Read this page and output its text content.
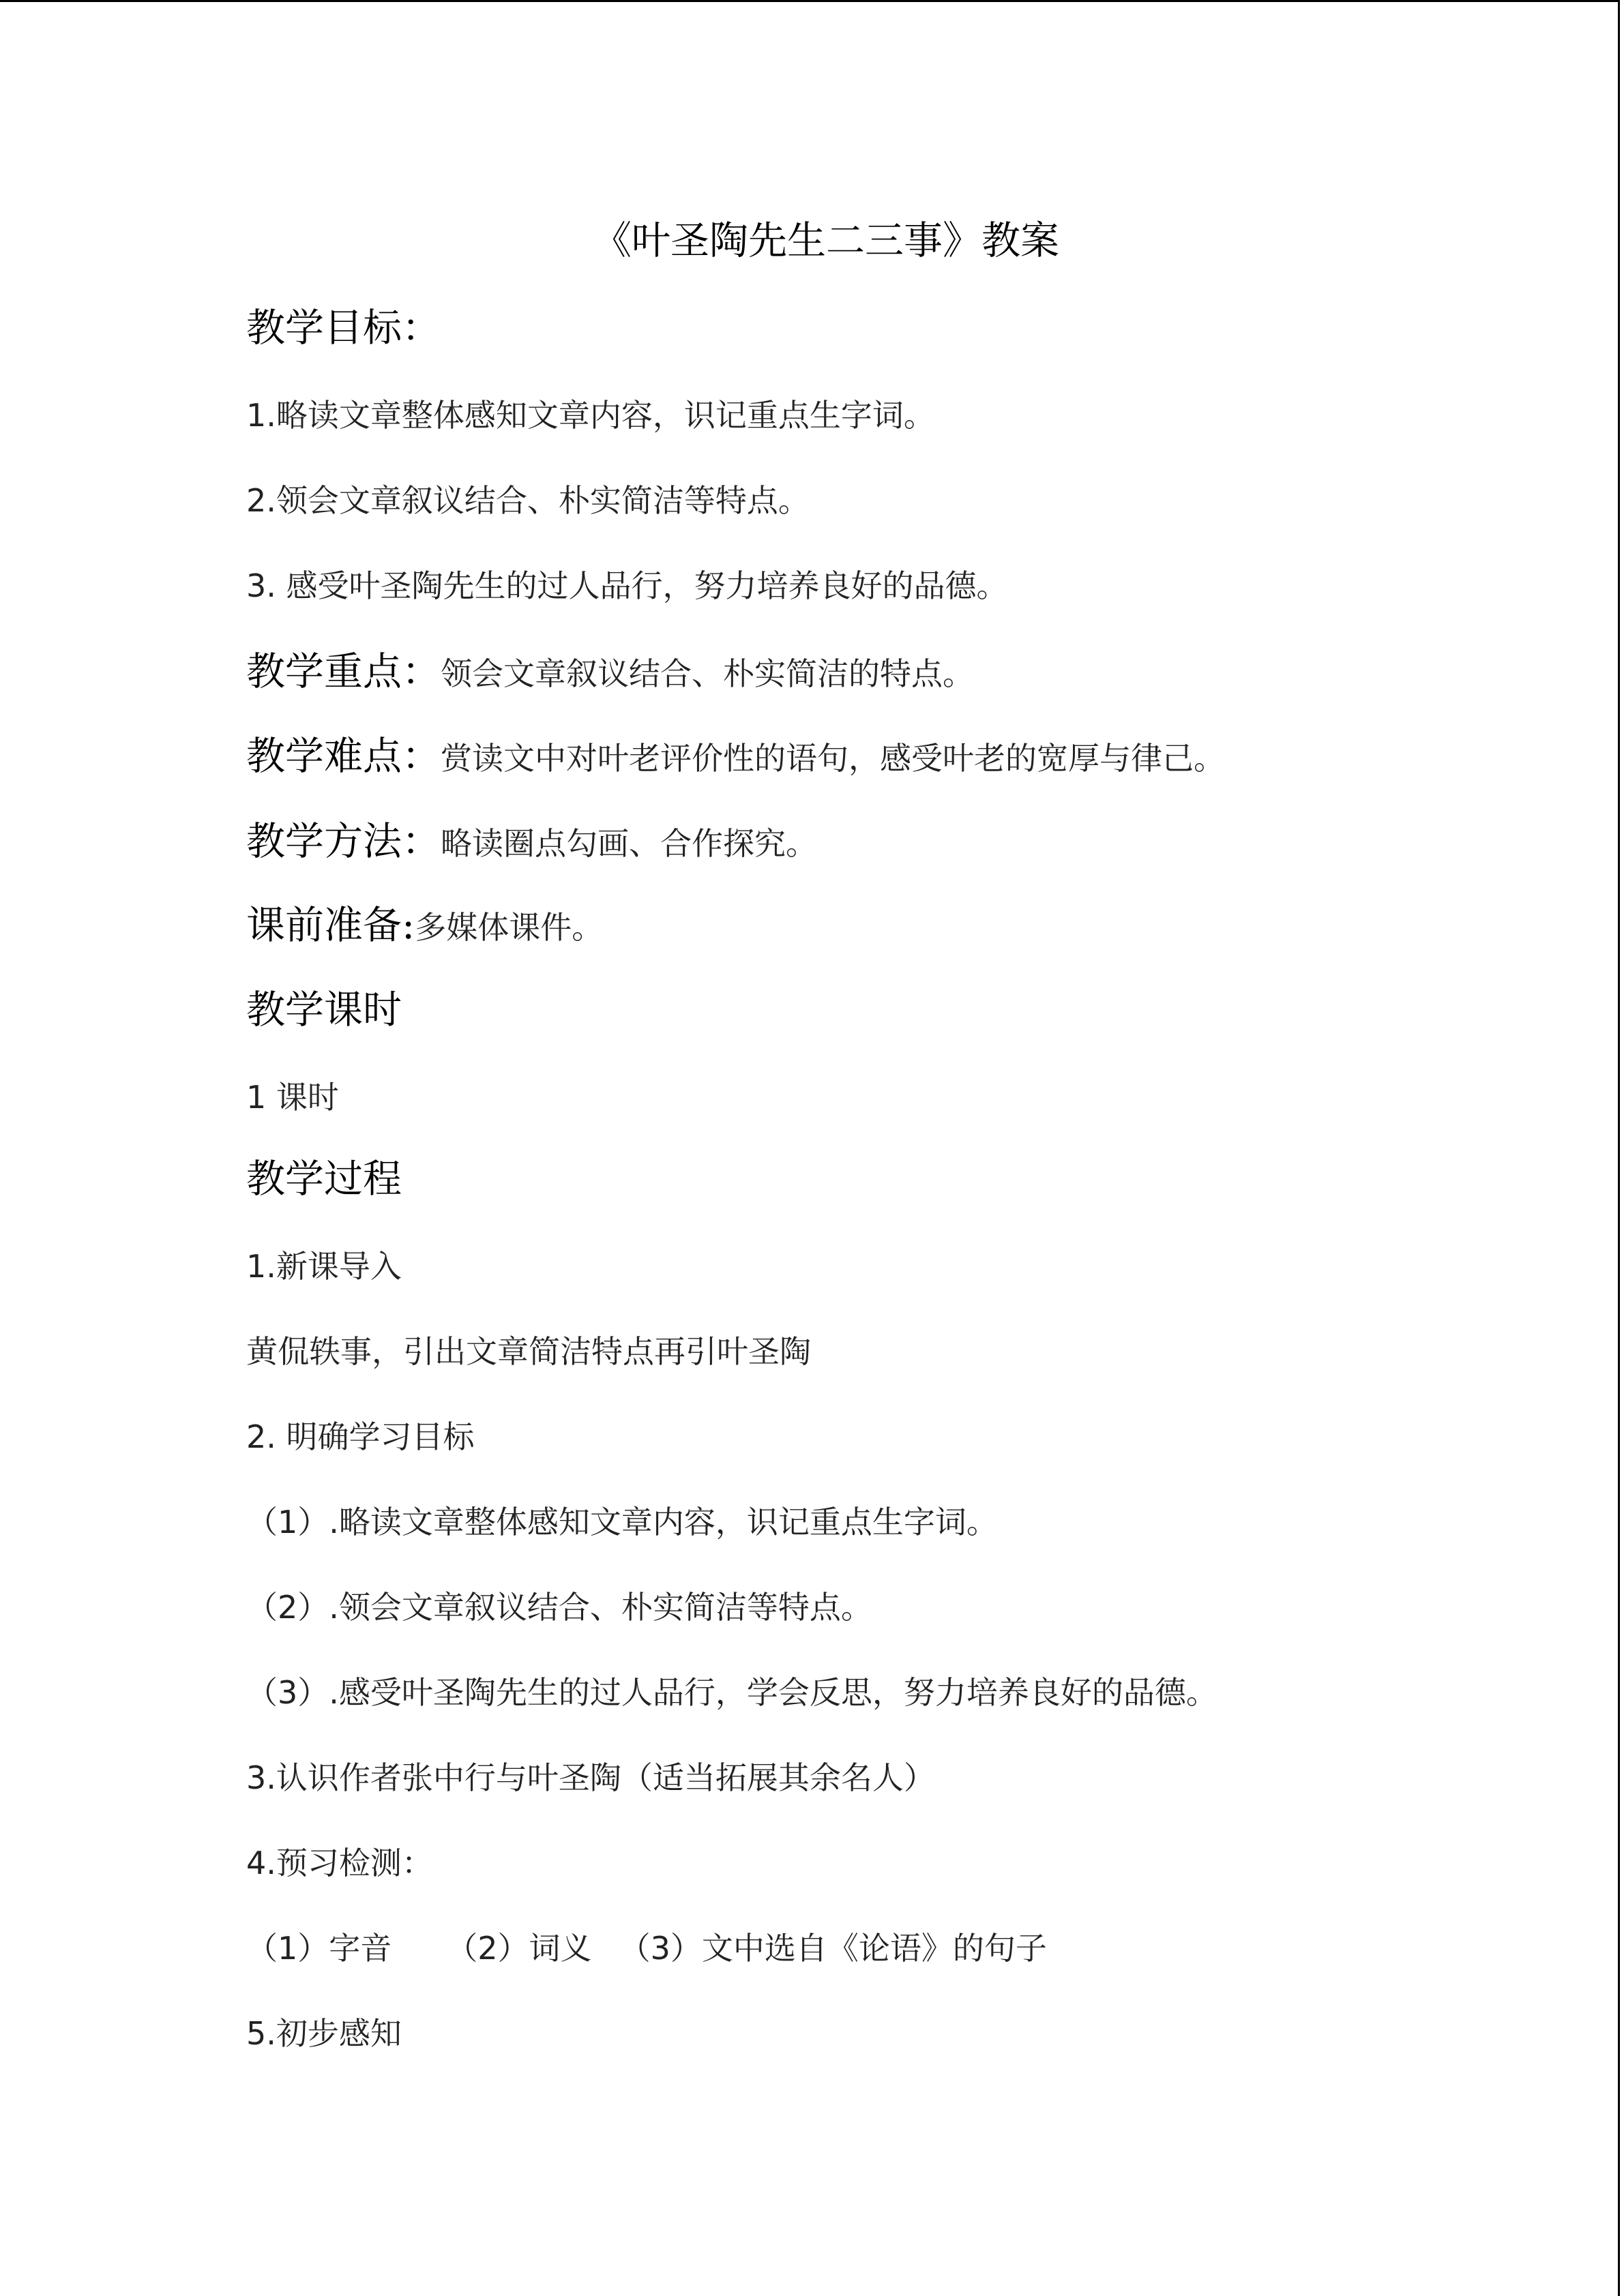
《叶圣陶先生二三事》教案
教学目标：
1.略读文章整体感知文章内容，识记重点生字词。
2.领会文章叙议结合、朴实简洁等特点。
3. 感受叶圣陶先生的过人品行，努力培养良好的品德。
教学重点：领会文章叙议结合、朴实简洁的特点。
教学难点：赏读文中对叶老评价性的语句，感受叶老的宽厚与律己。
教学方法：略读圈点勾画、合作探究。
课前准备:多媒体课件。
教学课时
1 课时
教学过程
1.新课导入
黄侃轶事，引出文章简洁特点再引叶圣陶
2. 明确学习目标
（1）.略读文章整体感知文章内容，识记重点生字词。
（2）.领会文章叙议结合、朴实简洁等特点。
（3）.感受叶圣陶先生的过人品行，学会反思，努力培养良好的品德。
3.认识作者张中行与叶圣陶（适当拓展其余名人）
4.预习检测：
（1）字音 （2）词义 （3）文中选自《论语》的句子
5.初步感知
